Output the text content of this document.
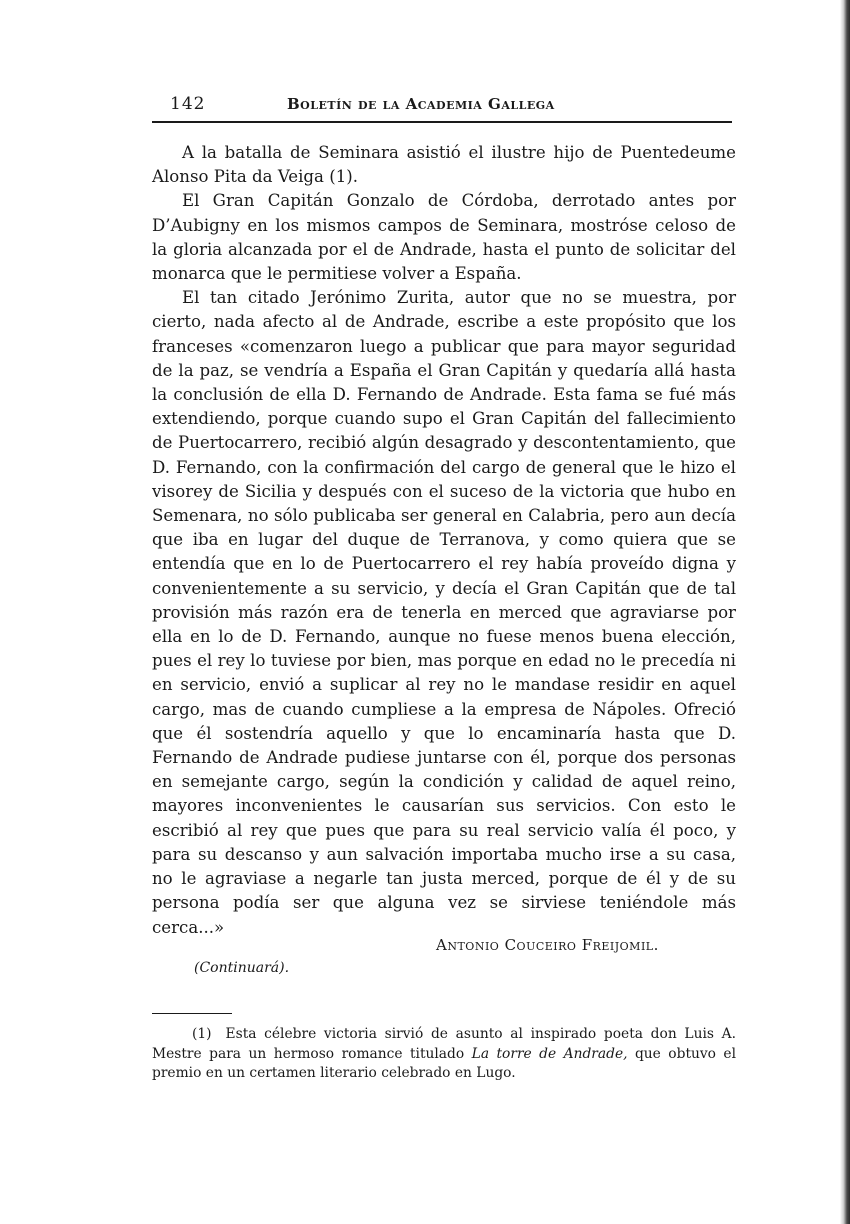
142	Boletín de la Academia Gallega

A la batalla de Seminara asistió el ilustre hijo de Puentedeume Alonso Pita da Veiga (1).

El Gran Capitán Gonzalo de Córdoba, derrotado antes por D’Aubigny en los mismos campos de Seminara, mostróse celoso de la gloria alcanzada por el de Andrade, hasta el punto de solicitar del monarca que le permitiese volver a España.

El tan citado Jerónimo Zurita, autor que no se muestra, por cierto, nada afecto al de Andrade, escribe a este propósito que los franceses «comenzaron luego a publicar que para mayor seguridad de la paz, se vendría a España el Gran Capitán y quedaría allá hasta la conclusión de ella D. Fernando de Andrade. Esta fama se fué más extendiendo, porque cuando supo el Gran Capitán del fallecimiento de Puertocarrero, recibió algún desagrado y descontentamiento, que D. Fernando, con la confirmación del cargo de general que le hizo el visorey de Sicilia y después con el suceso de la victoria que hubo en Semenara, no sólo publicaba ser general en Calabria, pero aun decía que iba en lugar del duque de Terranova, y como quiera que se entendía que en lo de Puertocarrero el rey había proveído digna y convenientemente a su servicio, y decía el Gran Capitán que de tal provisión más razón era de tenerla en merced que agraviarse por ella en lo de D. Fernando, aunque no fuese menos buena elección, pues el rey lo tuviese por bien, mas porque en edad no le precedía ni en servicio, envió a suplicar al rey no le mandase residir en aquel cargo, mas de cuando cumpliese a la empresa de Nápoles. Ofreció que él sostendría aquello y que lo encaminaría hasta que D. Fernando de Andrade pudiese juntarse con él, porque dos personas en semejante cargo, según la condición y calidad de aquel reino, mayores inconvenientes le causarían sus servicios. Con esto le escribió al rey que pues que para su real servicio valía él poco, y para su descanso y aun salvación importaba mucho irse a su casa, no le agraviase a negarle tan justa merced, porque de él y de su persona podía ser que alguna vez se sirviese teniéndole más cerca...»

Antonio Couceiro Freijomil.
(Continuará).

(1) Esta célebre victoria sirvió de asunto al inspirado poeta don Luis A. Mestre para un hermoso romance titulado La torre de Andrade, que obtuvo el premio en un certamen literario celebrado en Lugo.
